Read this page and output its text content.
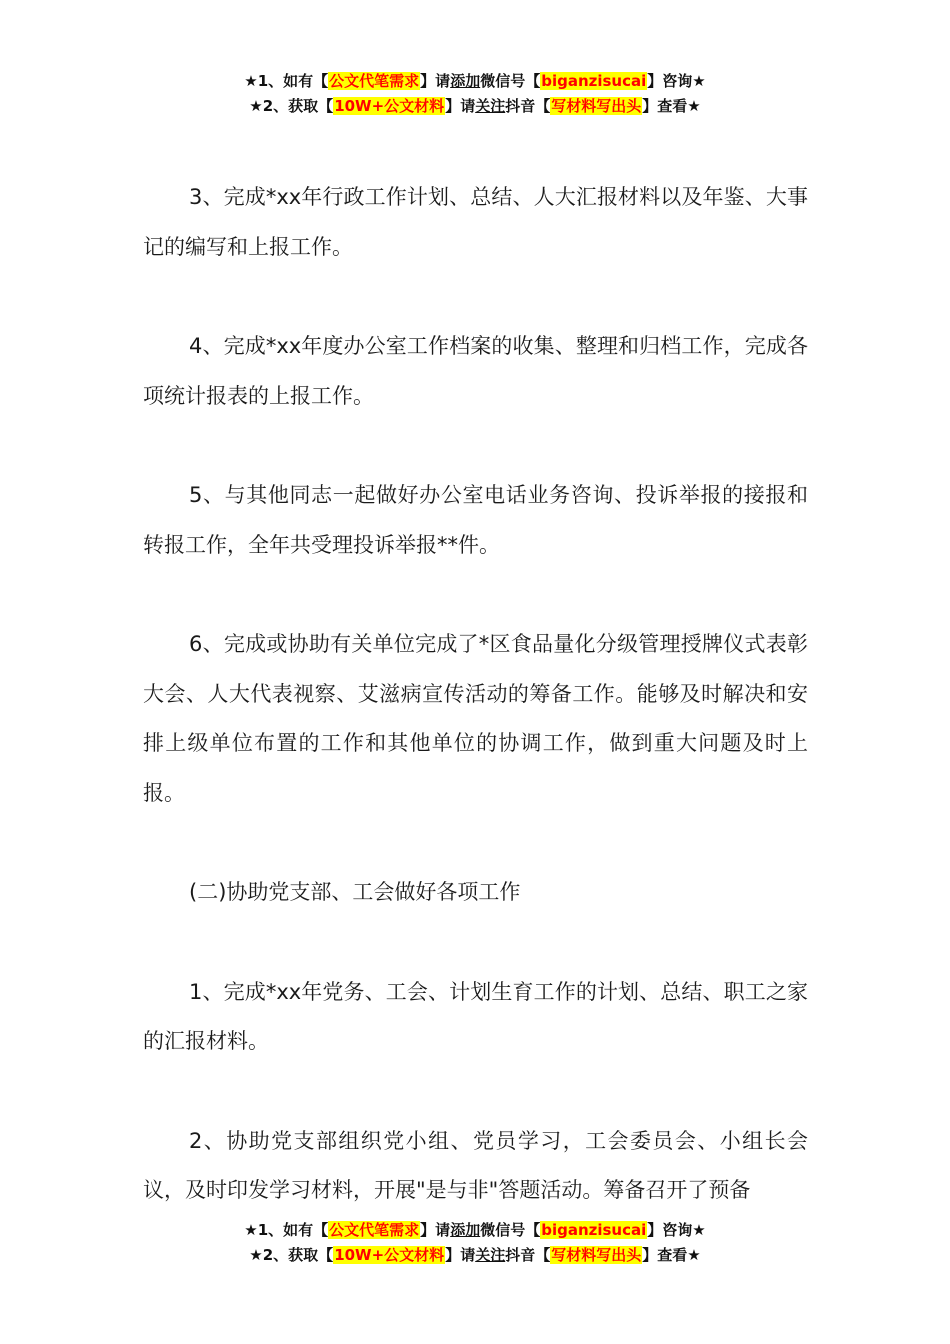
★1、如有【公文代笔需求】请添加微信号【biganzisucai】咨询★
★2、获取【10W+公文材料】请关注抖音【写材料写出头】查看★

3、完成*xx年行政工作计划、总结、人大汇报材料以及年鉴、大事记的编写和上报工作。

4、完成*xx年度办公室工作档案的收集、整理和归档工作，完成各项统计报表的上报工作。

5、与其他同志一起做好办公室电话业务咨询、投诉举报的接报和转报工作，全年共受理投诉举报**件。

6、完成或协助有关单位完成了*区食品量化分级管理授牌仪式表彰大会、人大代表视察、艾滋病宣传活动的筹备工作。能够及时解决和安排上级单位布置的工作和其他单位的协调工作，做到重大问题及时上报。

(二)协助党支部、工会做好各项工作

1、完成*xx年党务、工会、计划生育工作的计划、总结、职工之家的汇报材料。

2、协助党支部组织党小组、党员学习，工会委员会、小组长会议，及时印发学习材料，开展"是与非"答题活动。筹备召开了预备

★1、如有【公文代笔需求】请添加微信号【biganzisucai】咨询★
★2、获取【10W+公文材料】请关注抖音【写材料写出头】查看★
